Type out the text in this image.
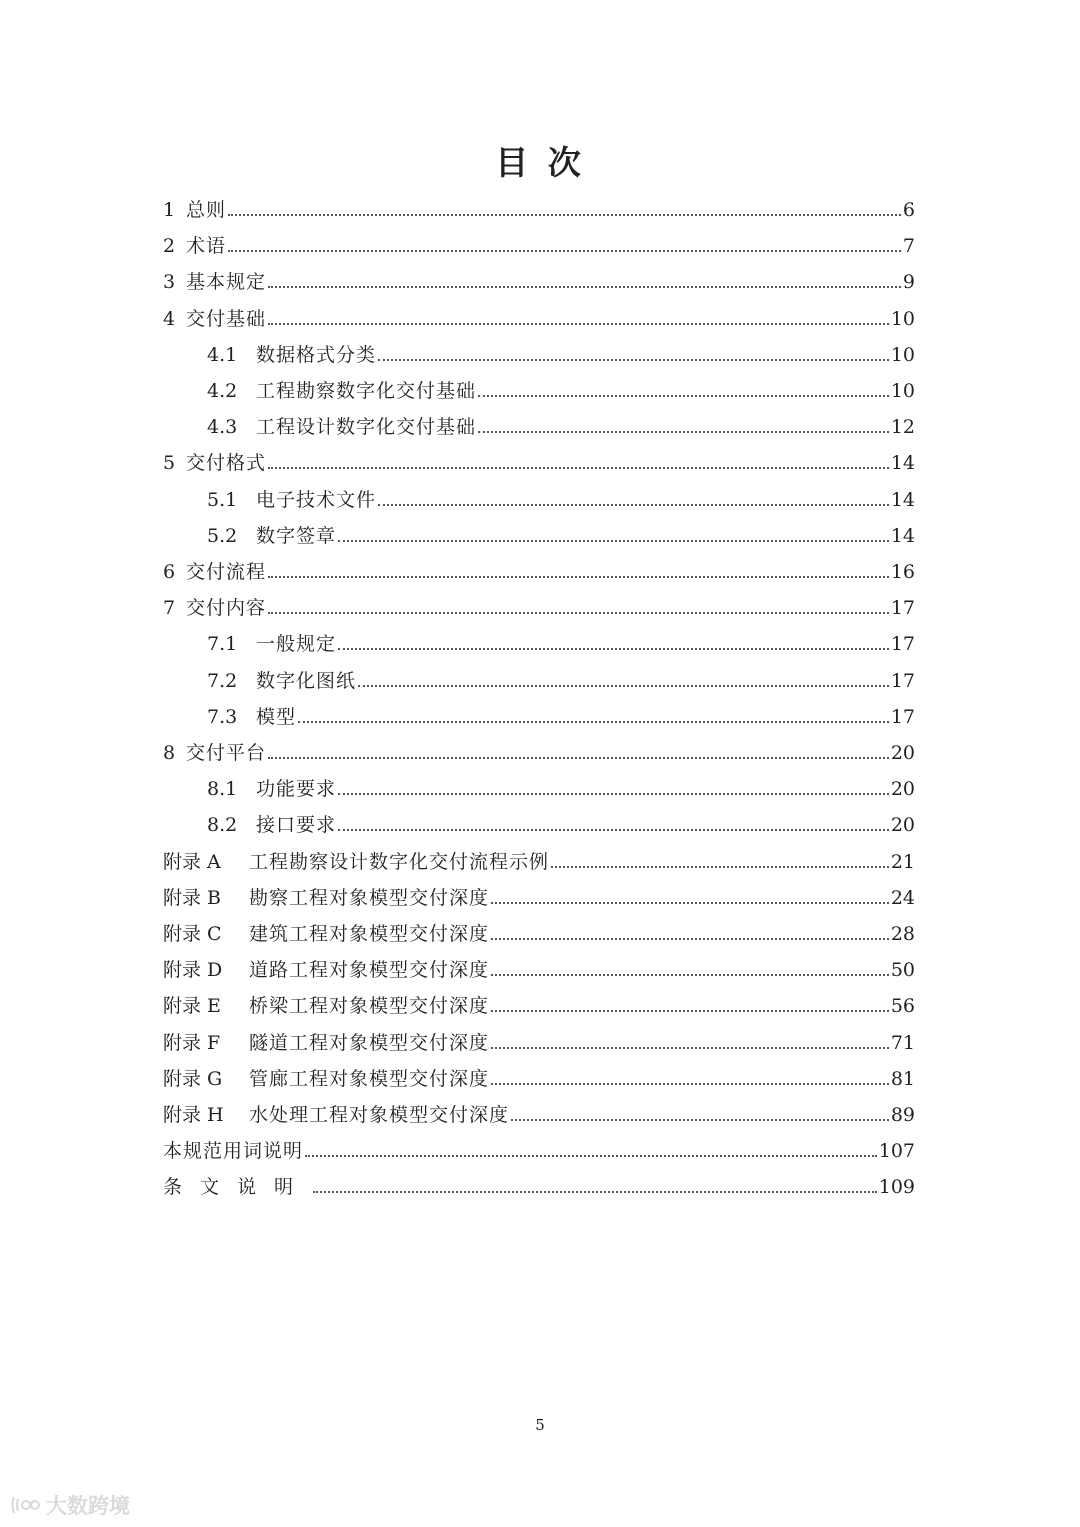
目 次
1 总则	6
2 术语	7
3 基本规定	9
4 交付基础	10
4.1 数据格式分类	10
4.2 工程勘察数字化交付基础	10
4.3 工程设计数字化交付基础	12
5 交付格式	14
5.1 电子技术文件	14
5.2 数字签章	14
6 交付流程	16
7 交付内容	17
7.1 一般规定	17
7.2 数字化图纸	17
7.3 模型	17
8 交付平台	20
8.1 功能要求	20
8.2 接口要求	20
附录 A	工程勘察设计数字化交付流程示例	21
附录 B	勘察工程对象模型交付深度	24
附录 C	建筑工程对象模型交付深度	28
附录 D	道路工程对象模型交付深度	50
附录 E	桥梁工程对象模型交付深度	56
附录 F	隧道工程对象模型交付深度	71
附录 G	管廊工程对象模型交付深度	81
附录 H	水处理工程对象模型交付深度	89
本规范用词说明	107
条文说明	109
5
大数跨境
